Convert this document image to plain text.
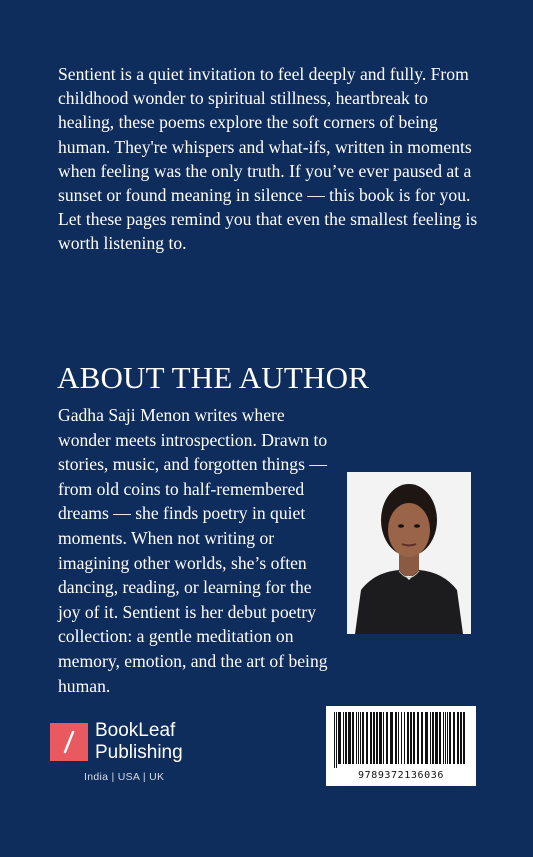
Sentient is a quiet invitation to feel deeply and fully. From childhood wonder to spiritual stillness, heartbreak to healing, these poems explore the soft corners of being human. They're whispers and what-ifs, written in moments when feeling was the only truth. If you’ve ever paused at a sunset or found meaning in silence — this book is for you. Let these pages remind you that even the smallest feeling is worth listening to.

ABOUT THE AUTHOR

Gadha Saji Menon writes where wonder meets introspection. Drawn to stories, music, and forgotten things — from old coins to half-remembered dreams — she finds poetry in quiet moments. When not writing or imagining other worlds, she’s often dancing, reading, or learning for the joy of it. Sentient is her debut poetry collection: a gentle meditation on memory, emotion, and the art of being human.

BookLeaf
Publishing
India | USA | UK	9789372136036
